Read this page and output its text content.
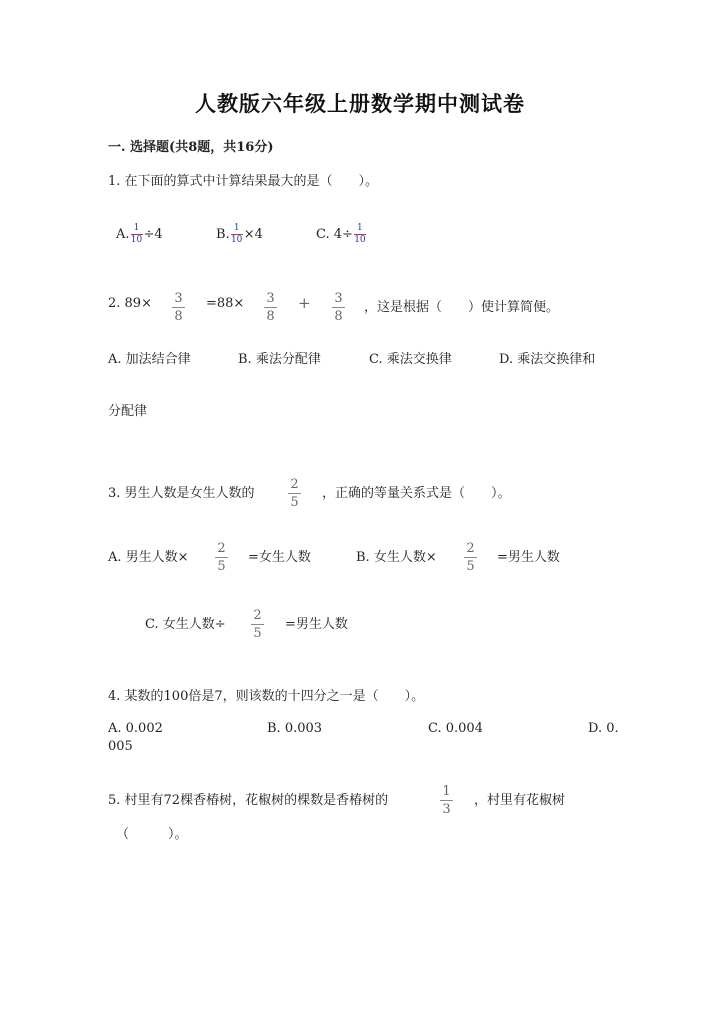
人教版六年级上册数学期中测试卷
一. 选择题(共8题，共16分)
1. 在下面的算式中计算结果最大的是（　　）。
A. $\frac{1}{10} \div 4$	B. $\frac{1}{10} \times 4$	C. $4\div \frac{1}{10}$
2. 89× 3
8
=88× 3
8
+ 3
8
，这是根据（　　）使计算简便。
A. 加法结合律	B. 乘法分配律	C. 乘法交换律	D. 乘法交换律和
分配律
3. 男生人数是女生人数的
2
5
，正确的等量关系式是（　　）。
A. 男生人数×
2
5
=女生人数	B. 女生人数×
2
5
=男生人数
C. 女生人数÷
2
5
=男生人数
4. 某数的100倍是7，则该数的十四分之一是（　　）。
A. 0.002	B. 0.003	C. 0.004	D. 0.
005
5. 村里有72棵香椿树，花椒树的棵数是香椿树的
1
3
，村里有花椒树
（　　　）。
